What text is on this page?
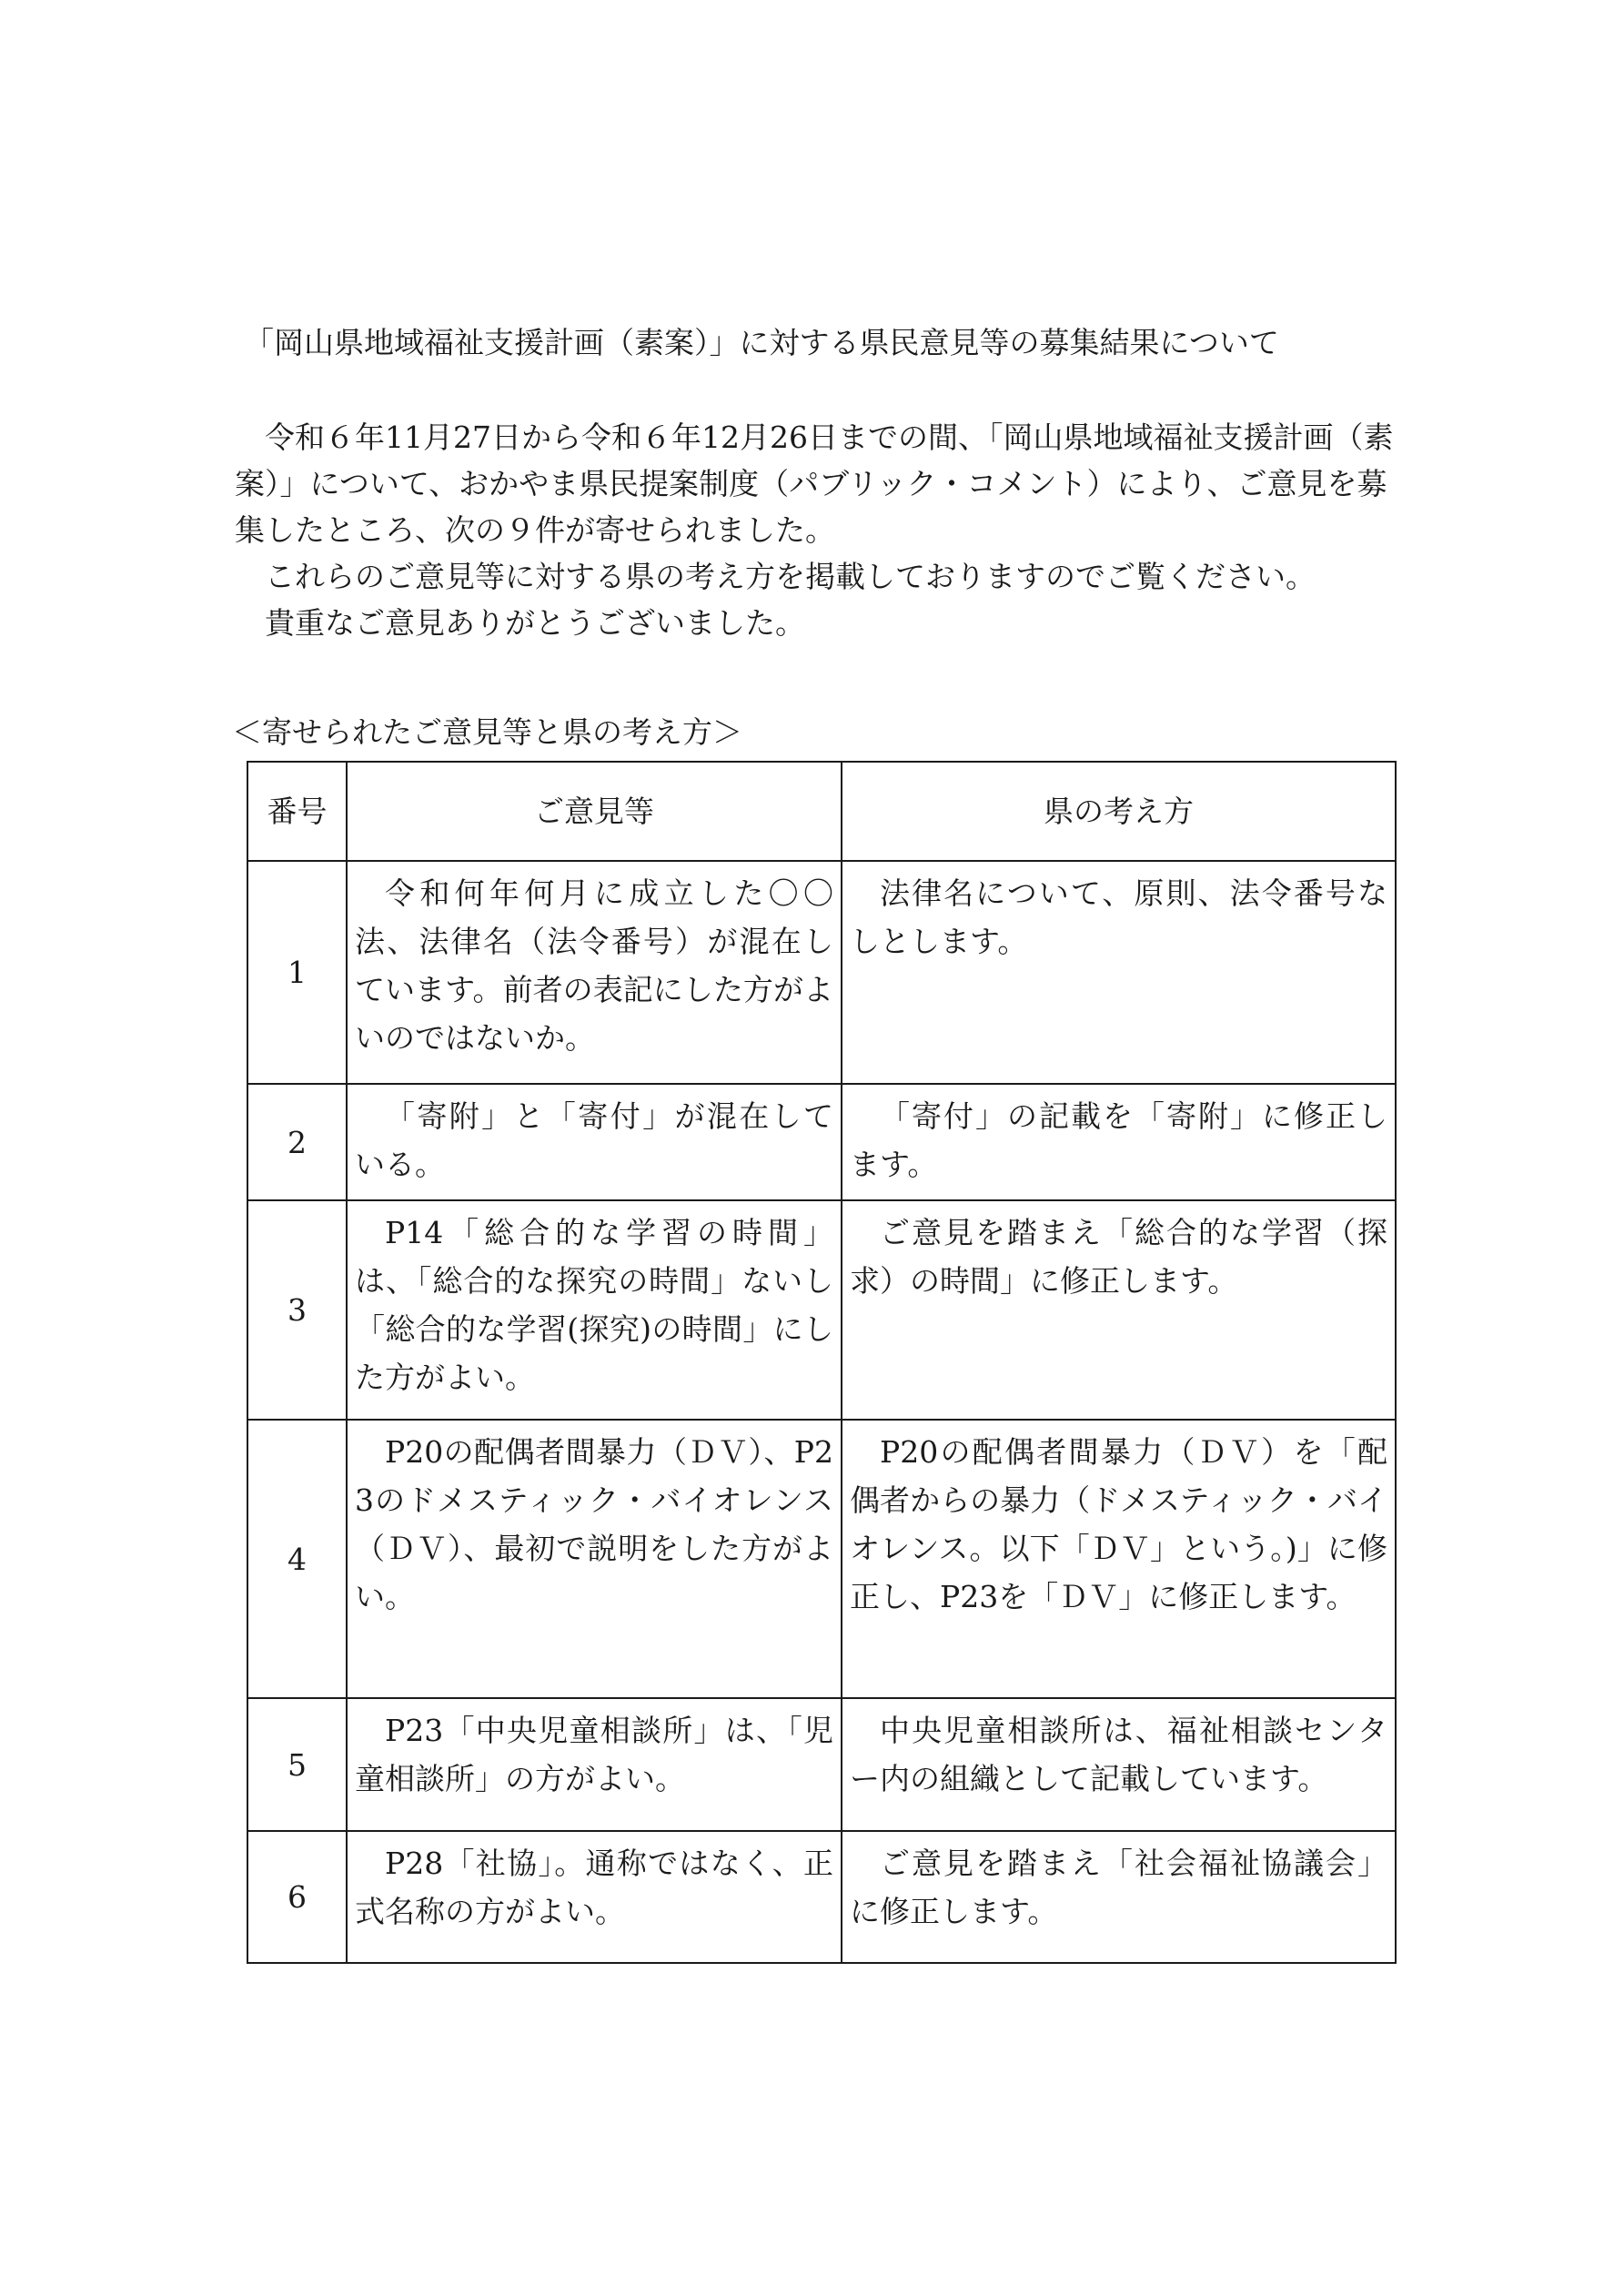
「岡山県地域福祉支援計画（素案）」に対する県民意見等の募集結果について

令和６年11月27日から令和６年12月26日までの間、「岡山県地域福祉支援計画（素案）」について、おかやま県民提案制度（パブリック・コメント）により、ご意見を募集したところ、次の９件が寄せられました。

これらのご意見等に対する県の考え方を掲載しておりますのでご覧ください。

貴重なご意見ありがとうございました。

＜寄せられたご意見等と県の考え方＞
番号	ご意見等	県の考え方
1	令和何年何月に成立した〇〇法、法律名（法令番号）が混在しています。前者の表記にした方がよいのではないか。	法律名について、原則、法令番号なしとします。

2	「寄附」と「寄付」が混在している。	「寄付」の記載を「寄附」に修正します。

3	P14「総合的な学習の時間」は、「総合的な探究の時間」ないし「総合的な学習(探究)の時間」にした方がよい。	ご意見を踏まえ「総合的な学習（探求）の時間」に修正します。

4	P20の配偶者間暴力（ＤＶ）、P23のドメスティック・バイオレンス（ＤＶ）、最初で説明をした方がよい。	P20の配偶者間暴力（ＤＶ）を「配偶者からの暴力（ドメスティック・バイオレンス。以下「ＤＶ」という。)」に修正し、P23を「ＤＶ」に修正します。

5	P23「中央児童相談所」は、「児童相談所」の方がよい。	中央児童相談所は、福祉相談センター内の組織として記載しています。

6	P28「社協」。通称ではなく、正式名称の方がよい。	ご意見を踏まえ「社会福祉協議会」に修正します。
